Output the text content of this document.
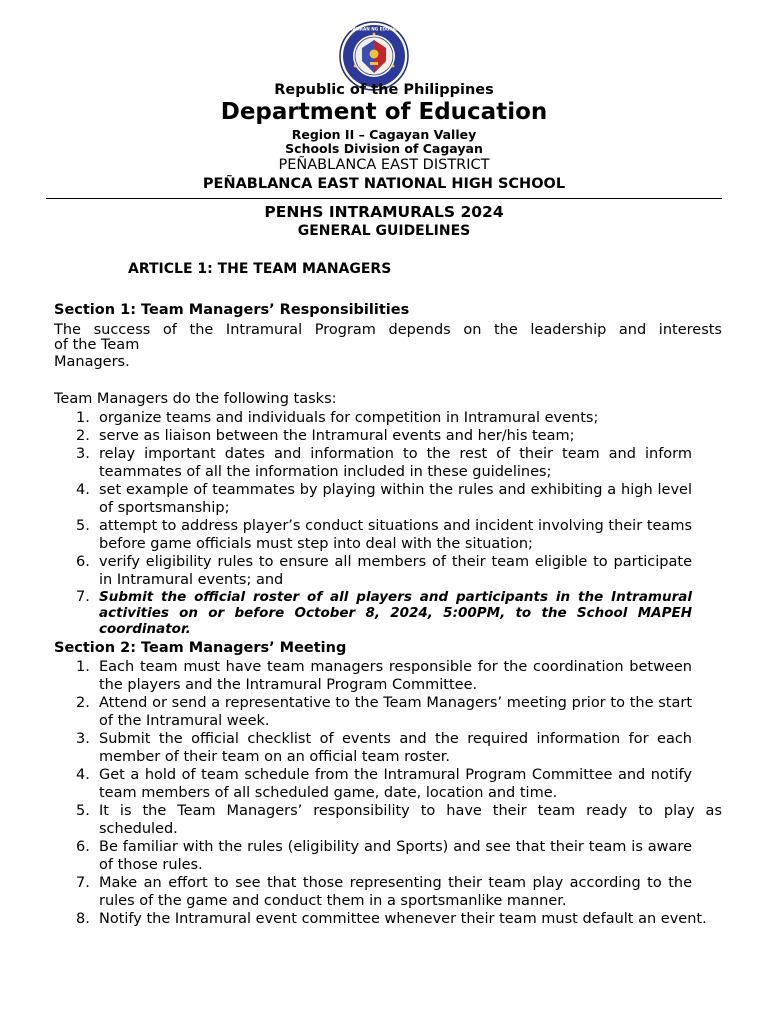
KAGAWARAN NG EDUKASYON
Republic of the Philippines
Department of Education
Region II – Cagayan Valley
Schools Division of Cagayan
PEÑABLANCA EAST DISTRICT
PEÑABLANCA EAST NATIONAL HIGH SCHOOL
PENHS INTRAMURALS 2024
GENERAL GUIDELINES
ARTICLE 1: THE TEAM MANAGERS
Section 1: Team Managers’ Responsibilities
The success of the Intramural Program depends on the leadership and interests
of the Team
Managers.
Team Managers do the following tasks:
1. organize teams and individuals for competition in Intramural events;
2. serve as liaison between the Intramural events and her/his team;
3. relay important dates and information to the rest of their team and inform teammates of all the information included in these guidelines;
4. set example of teammates by playing within the rules and exhibiting a high level of sportsmanship;
5. attempt to address player’s conduct situations and incident involving their teams before game officials must step into deal with the situation;
6. verify eligibility rules to ensure all members of their team eligible to participate in Intramural events; and
7. Submit the official roster of all players and participants in the Intramural activities on or before October 8, 2024, 5:00PM, to the School MAPEH coordinator.
Section 2: Team Managers’ Meeting
1. Each team must have team managers responsible for the coordination between the players and the Intramural Program Committee.
2. Attend or send a representative to the Team Managers’ meeting prior to the start of the Intramural week.
3. Submit the official checklist of events and the required information for each member of their team on an official team roster.
4. Get a hold of team schedule from the Intramural Program Committee and notify team members of all scheduled game, date, location and time.
5. It is the Team Managers’ responsibility to have their team ready to play as scheduled.
6. Be familiar with the rules (eligibility and Sports) and see that their team is aware of those rules.
7. Make an effort to see that those representing their team play according to the rules of the game and conduct them in a sportsmanlike manner.
8. Notify the Intramural event committee whenever their team must default an event.
